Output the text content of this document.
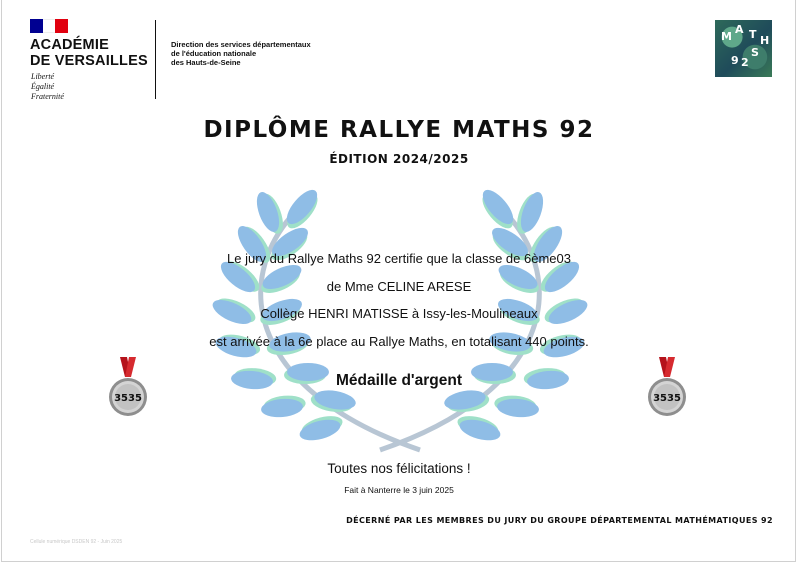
ACADÉMIE
DE VERSAILLES
Liberté
Égalité
Fraternité
Direction des services départementaux
de l'éducation nationale
des Hauts-de-Seine
M
A T H
S
9 2
DIPLÔME RALLYE MATHS 92
ÉDITION 2024/2025
Le jury du Rallye Maths 92 certifie que la classe de 6ème03
de Mme CELINE ARESE
Collège HENRI MATISSE à Issy-les-Moulineaux
est arrivée à la 6e place au Rallye Maths, en totalisant 440 points.
Médaille d'argent
3535	3535
Toutes nos félicitations !
Fait à Nanterre le 3 juin 2025
DÉCERNÉ PAR LES MEMBRES DU JURY DU GROUPE DÉPARTEMENTAL MATHÉMATIQUES 92
Cellule numérique DSDEN 92 - Juin 2025
